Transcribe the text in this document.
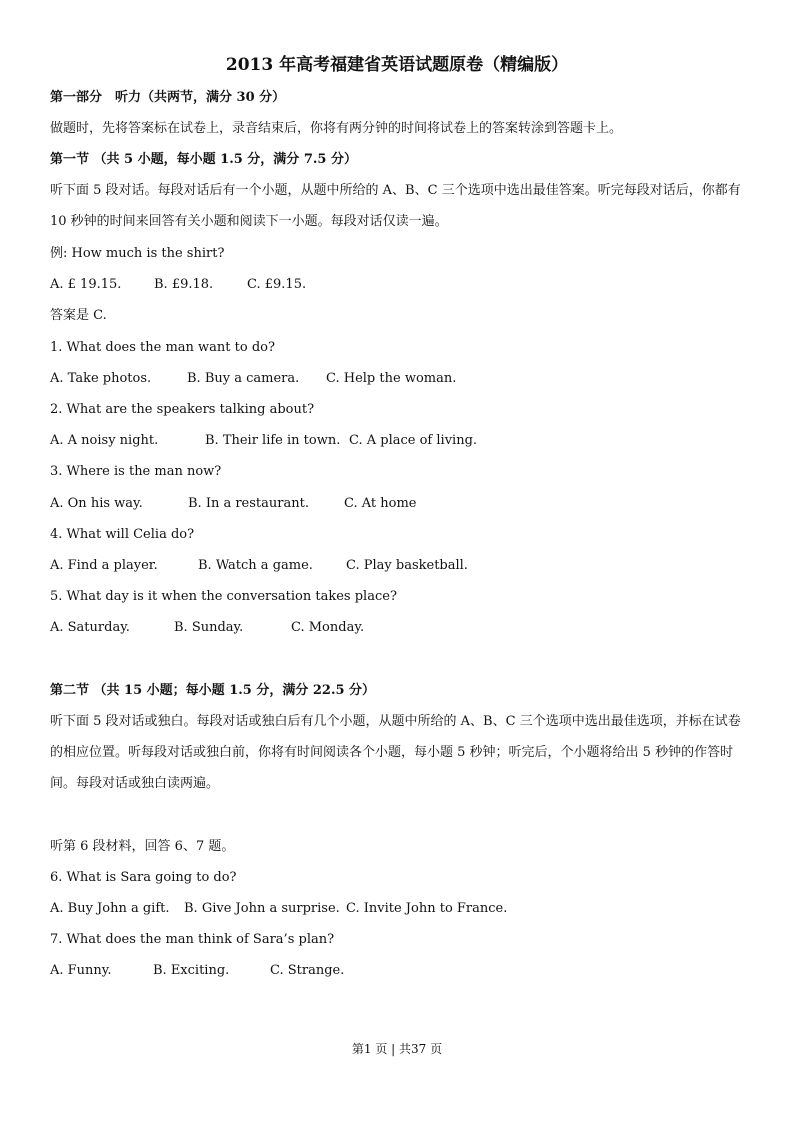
2013 年高考福建省英语试题原卷（精编版）
第一部分　听力（共两节，满分 30 分）
做题时，先将答案标在试卷上，录音结束后，你将有两分钟的时间将试卷上的答案转涂到答题卡上。
第一节 （共 5 小题，每小题 1.5 分，满分 7.5 分）
听下面 5 段对话。每段对话后有一个小题，从题中所给的 A、B、C 三个选项中选出最佳答案。听完每段对话后，你都有 10 秒钟的时间来回答有关小题和阅读下一小题。每段对话仅读一遍。
例: How much is the shirt?
A. £ 19.15.	B. £9.18.	C. £9.15.
答案是 C.
1. What does the man want to do?
A. Take photos.	B. Buy a camera. C. Help the woman.
2. What are the speakers talking about?
A. A noisy night.	B. Their life in town. C. A place of living.
3. Where is the man now?
A. On his way.	B. In a restaurant.	C. At home
4. What will Celia do?
A. Find a player.	B. Watch a game.	C. Play basketball.
5. What day is it when the conversation takes place?
A. Saturday.	B. Sunday.	C. Monday.
第二节 （共 15 小题；每小题 1.5 分，满分 22.5 分）
听下面 5 段对话或独白。每段对话或独白后有几个小题，从题中所给的 A、B、C 三个选项中选出最佳选项，并标在试卷的相应位置。听每段对话或独白前，你将有时间阅读各个小题，每小题 5 秒钟；听完后，个小题将给出 5 秒钟的作答时间。每段对话或独白读两遍。
听第 6 段材料，回答 6、7 题。
6. What is Sara going to do?
A. Buy John a gift. B. Give John a surprise. C. Invite John to France.
7. What does the man think of Sara’s plan?
A. Funny.	B. Exciting.	C. Strange.
第1 页 | 共37 页
